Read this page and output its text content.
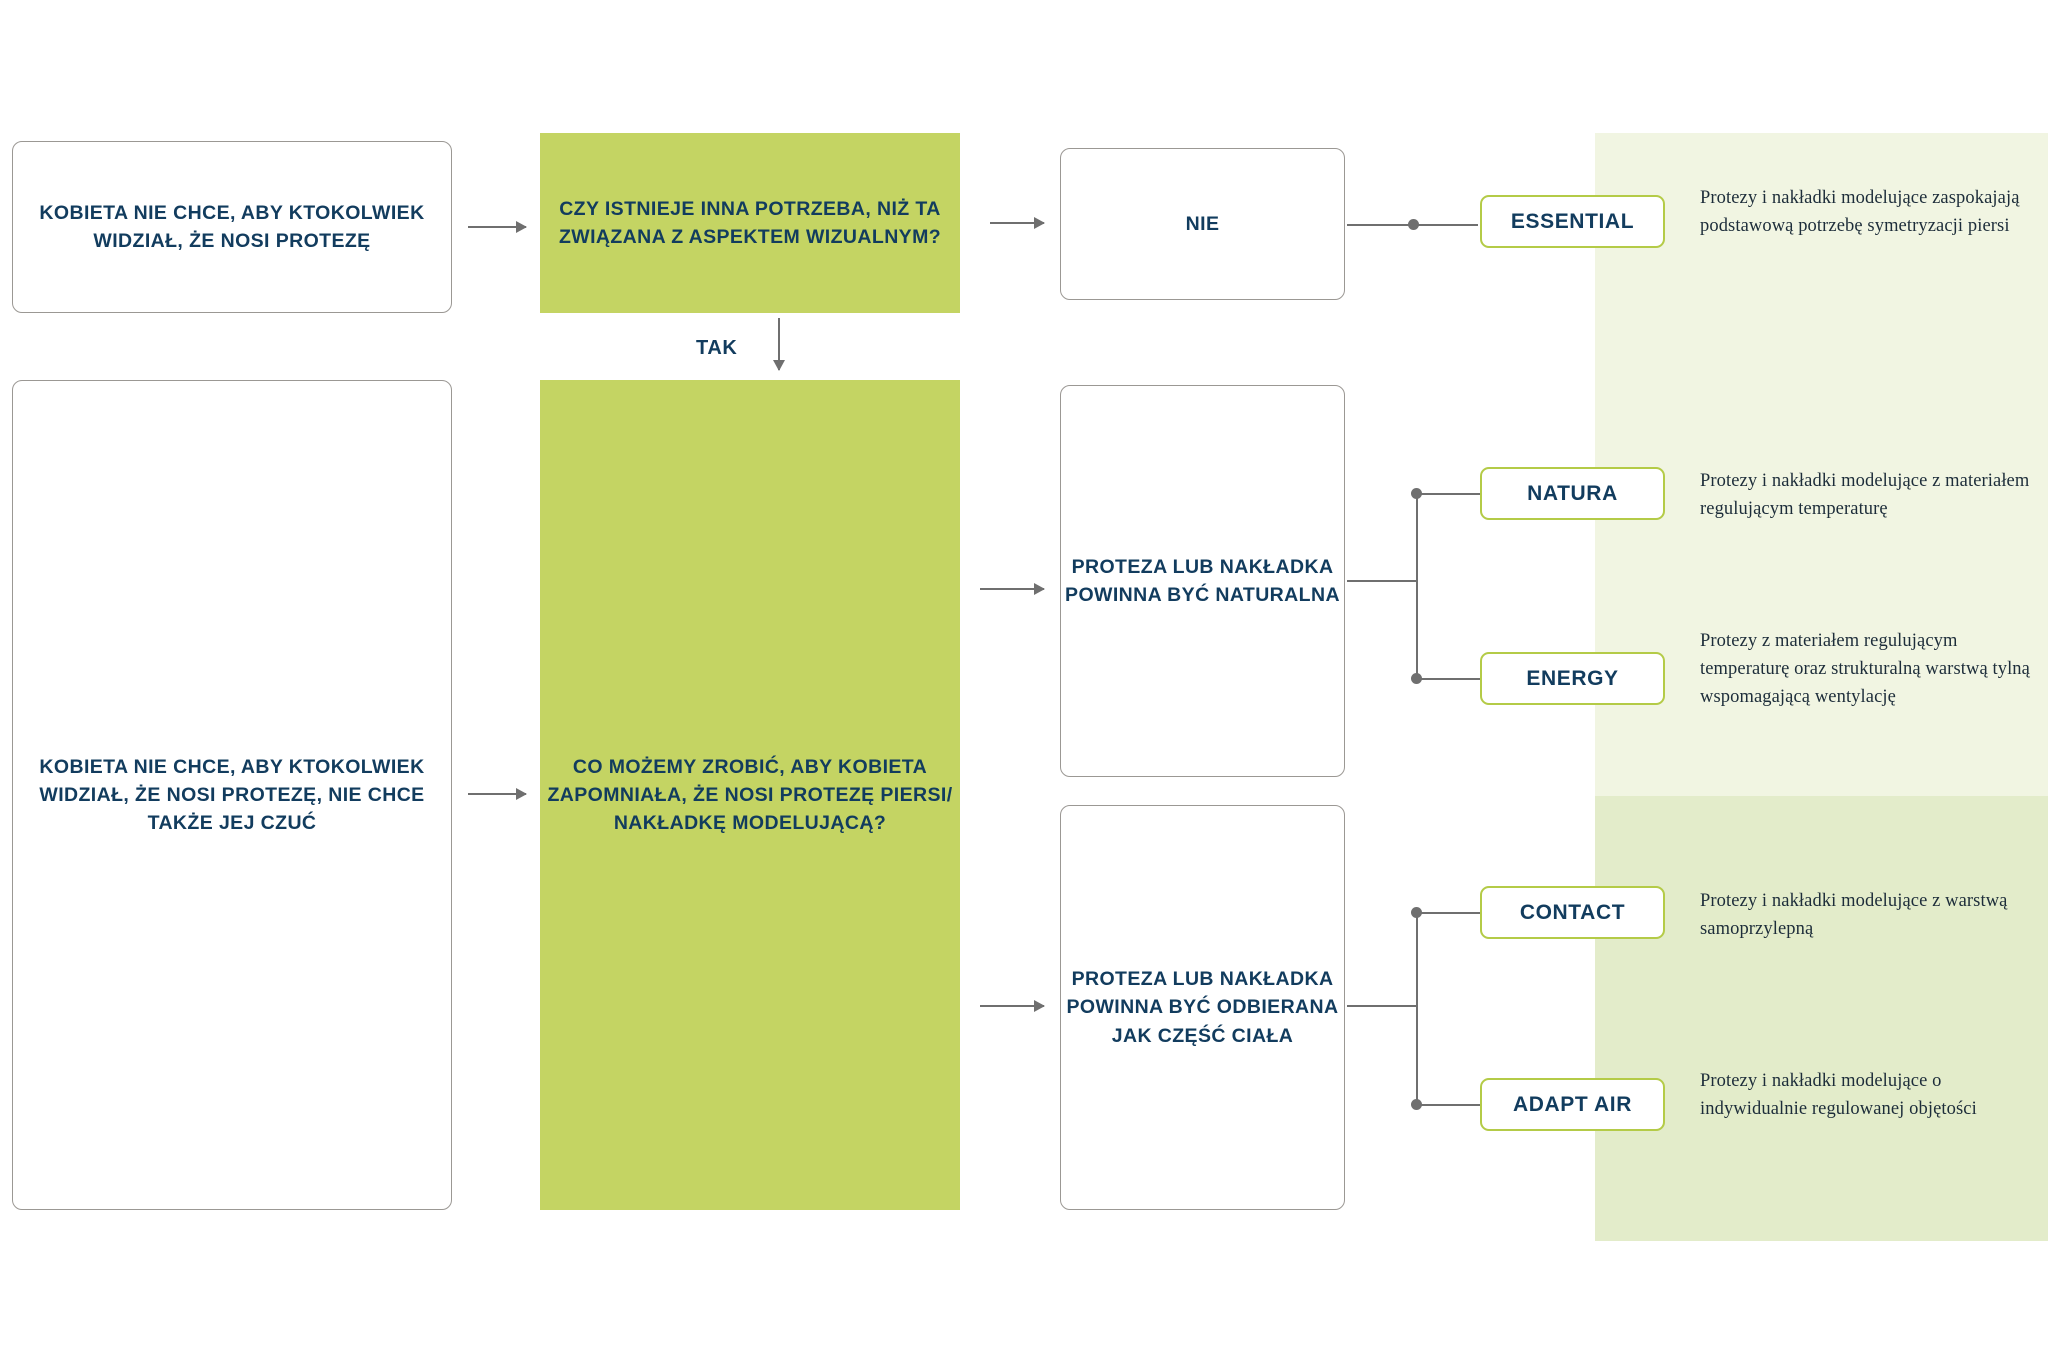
KOBIETA NIE CHCE, ABY KTOKOLWIEK WIDZIAŁ, ŻE NOSI PROTEZĘ
CZY ISTNIEJE INNA POTRZEBA, NIŻ TA ZWIĄZANA Z ASPEKTEM WIZUALNYM?
NIE
KOBIETA NIE CHCE, ABY KTOKOLWIEK WIDZIAŁ, ŻE NOSI PROTEZĘ, NIE CHCE TAKŻE JEJ CZUĆ
CO MOŻEMY ZROBIĆ, ABY KOBIETA ZAPOMNIAŁA, ŻE NOSI PROTEZĘ PIERSI/ NAKŁADKĘ MODELUJĄCĄ?
PROTEZA LUB NAKŁADKA POWINNA BYĆ NATURALNA
PROTEZA LUB NAKŁADKA POWINNA BYĆ ODBIERANA JAK CZĘŚĆ CIAŁA
TAK
ESSENTIAL
NATURA
ENERGY
CONTACT
ADAPT AIR
Protezy i nakładki modelujące zaspokajają podstawową potrzebę symetryzacji piersi
Protezy i nakładki modelujące z materiałem regulującym temperaturę
Protezy z materiałem regulującym temperaturę oraz strukturalną warstwą tylną wspomagającą wentylację
Protezy i nakładki modelujące z warstwą samoprzylepną
Protezy i nakładki modelujące o indywidualnie regulowanej objętości
